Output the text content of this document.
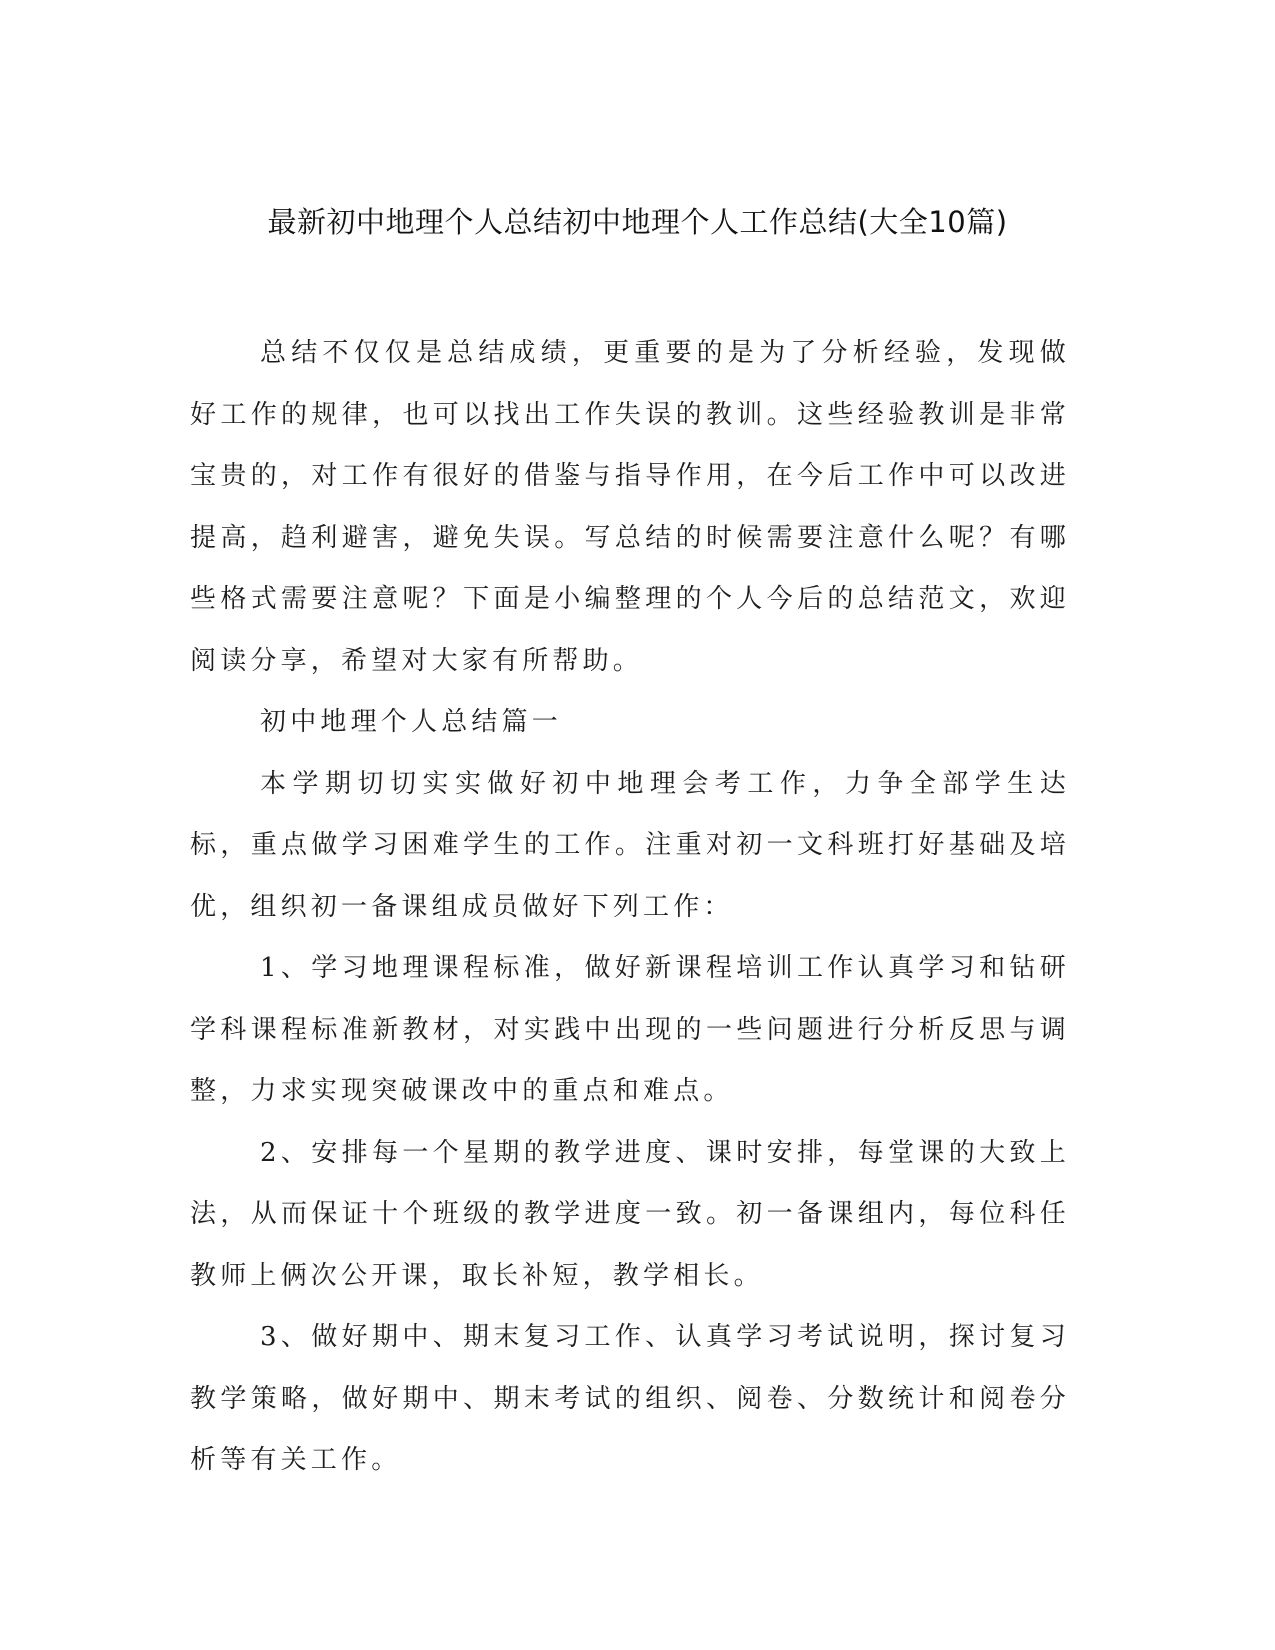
最新初中地理个人总结初中地理个人工作总结(大全10篇)

总结不仅仅是总结成绩，更重要的是为了分析经验，发现做好工作的规律，也可以找出工作失误的教训。这些经验教训是非常宝贵的，对工作有很好的借鉴与指导作用，在今后工作中可以改进提高，趋利避害，避免失误。写总结的时候需要注意什么呢？有哪些格式需要注意呢？下面是小编整理的个人今后的总结范文，欢迎阅读分享，希望对大家有所帮助。

初中地理个人总结篇一

本学期切切实实做好初中地理会考工作，力争全部学生达标，重点做学习困难学生的工作。注重对初一文科班打好基础及培优，组织初一备课组成员做好下列工作：

1、学习地理课程标准，做好新课程培训工作认真学习和钻研学科课程标准新教材，对实践中出现的一些问题进行分析反思与调整，力求实现突破课改中的重点和难点。

2、安排每一个星期的教学进度、课时安排，每堂课的大致上法，从而保证十个班级的教学进度一致。初一备课组内，每位科任教师上俩次公开课，取长补短，教学相长。

3、做好期中、期末复习工作、认真学习考试说明，探讨复习教学策略，做好期中、期末考试的组织、阅卷、分数统计和阅卷分析等有关工作。
